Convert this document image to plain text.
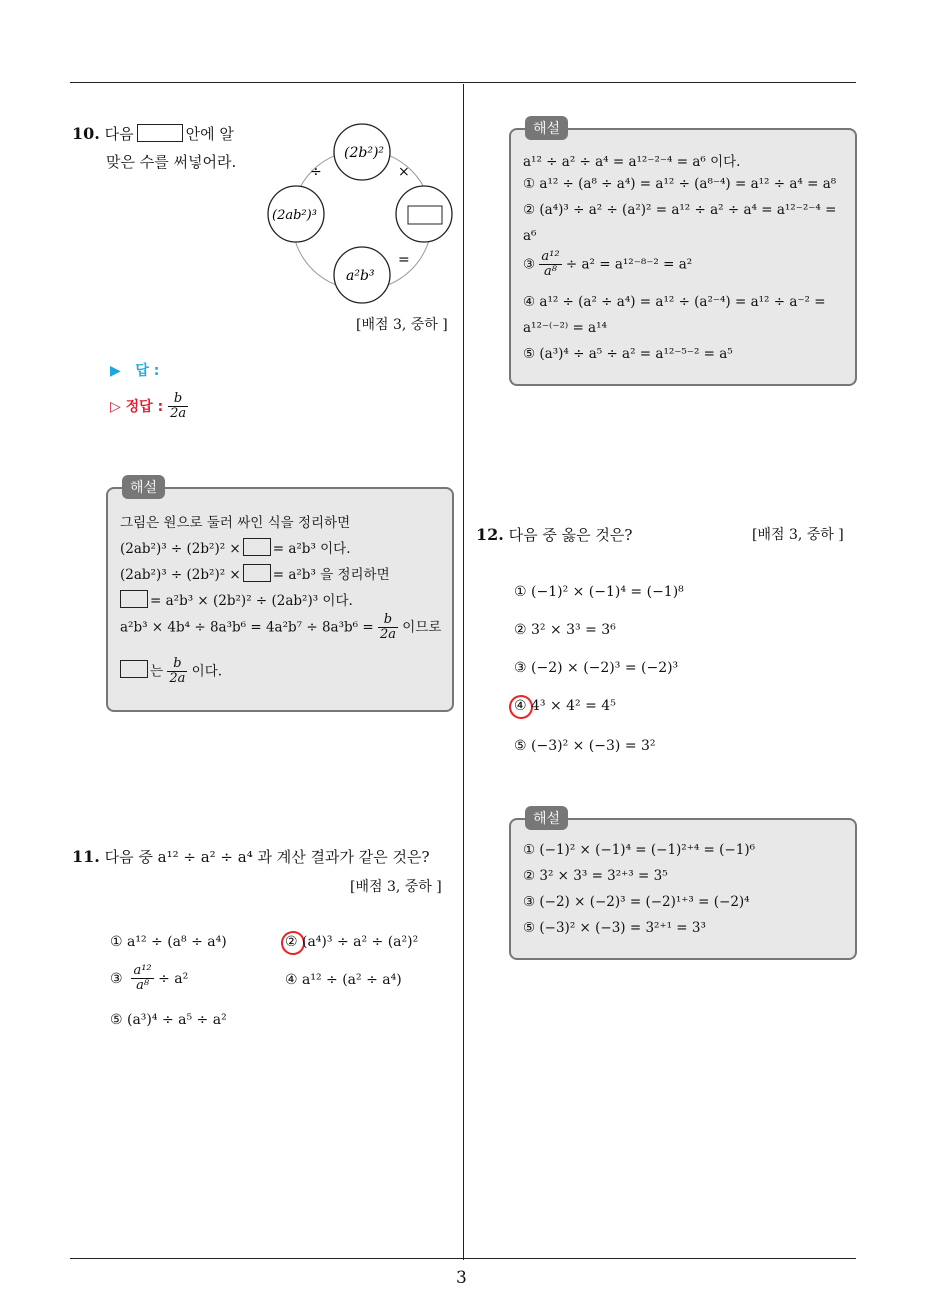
3
10. 다음	안에 알
맞은 수를 써넣어라.	(2b²)²
(2ab²)³
a²b³
÷	×
=
[배점 3, 중하 ]
▶ 답 :
▷ 정답 : $\frac{b}{2a}$
해설
그림은 원으로 둘러 싸인 식을 정리하면
(2ab²)³ ÷ (2b²)² × = a²b³ 이다.
(2ab²)³ ÷ (2b²)² × = a²b³ 을 정리하면
= a²b³ × (2b²)² ÷ (2ab²)³ 이다.
$a^2b^3 \times 4b^4 \div 8a^3b^6 = 4a^2b^7 \div 8a^3b^6 = \frac{b}{2a}$ 이므로
는 $\frac{b}{2a}$ 이다.
11. 다음 중 a¹² ÷ a² ÷ a⁴ 과 계산 결과가 같은 것은?
[배점 3, 중하 ]
① a¹² ÷ (a⁸ ÷ a⁴)	② (a⁴)³ ÷ a² ÷ (a²)²
③ $\frac{\text{a¹²}}{\text{a⁸}} \div a^2$	④ a¹² ÷ (a² ÷ a⁴)
⑤ (a³)⁴ ÷ a⁵ ÷ a²
해설
a¹² ÷ a² ÷ a⁴ = a¹²⁻²⁻⁴ = a⁶ 이다.
① a¹² ÷ (a⁸ ÷ a⁴) = a¹² ÷ (a⁸⁻⁴) = a¹² ÷ a⁴ = a⁸
② (a⁴)³ ÷ a² ÷ (a²)² = a¹² ÷ a² ÷ a⁴ = a¹²⁻²⁻⁴ =
a⁶
③ $\frac{\text{a¹²}}{\text{a⁸}} \div a^2 = a^{12-8-2} = a^2$
④ a¹² ÷ (a² ÷ a⁴) = a¹² ÷ (a²⁻⁴) = a¹² ÷ a⁻² =
a¹²⁻⁽⁻²⁾ = a¹⁴
⑤ (a³)⁴ ÷ a⁵ ÷ a² = a¹²⁻⁵⁻² = a⁵
12. 다음 중 옳은 것은?	[배점 3, 중하 ]
① (−1)² × (−1)⁴ = (−1)⁸
② 3² × 3³ = 3⁶
③ (−2) × (−2)³ = (−2)³
④ 4³ × 4² = 4⁵
⑤ (−3)² × (−3) = 3²
해설
① (−1)² × (−1)⁴ = (−1)²⁺⁴ = (−1)⁶
② 3² × 3³ = 3²⁺³ = 3⁵
③ (−2) × (−2)³ = (−2)¹⁺³ = (−2)⁴
⑤ (−3)² × (−3) = 3²⁺¹ = 3³
